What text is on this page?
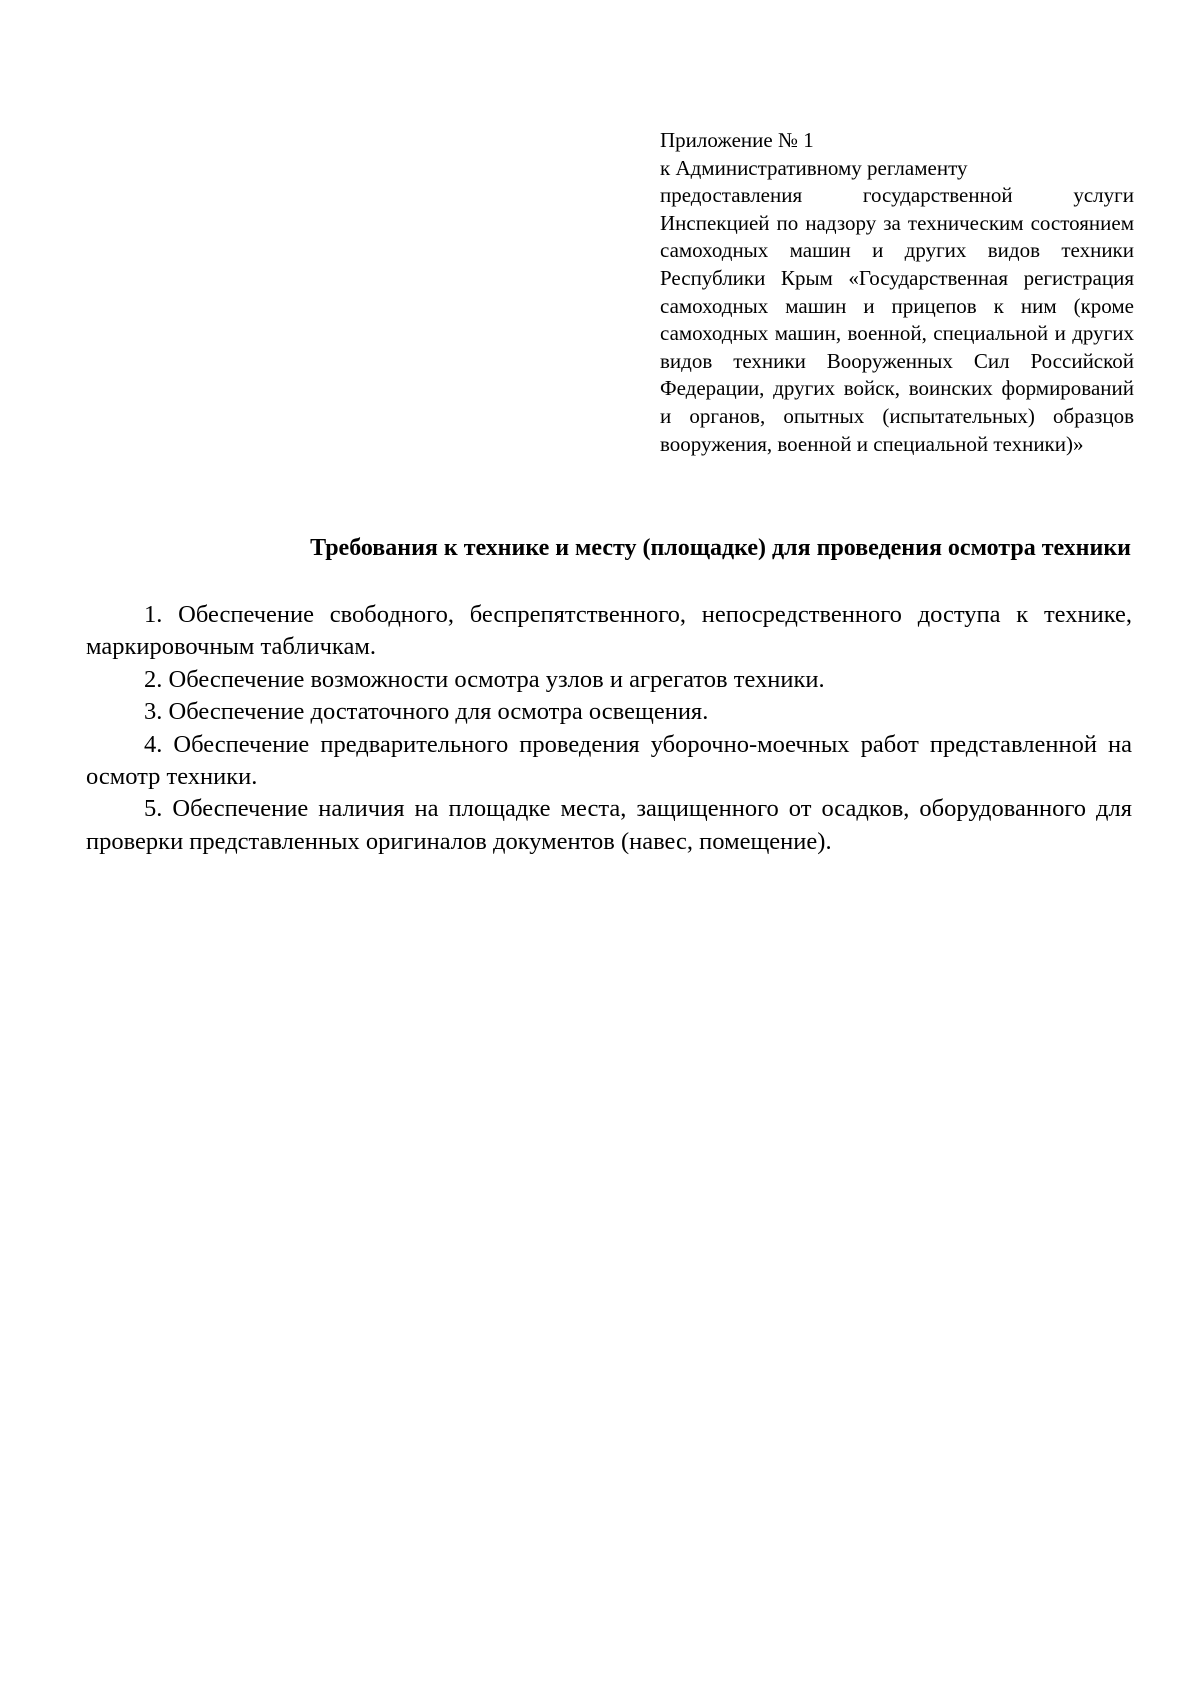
Приложение № 1
к Административному регламенту
предоставления государственной услуги Инспекцией по надзору за техническим состоянием самоходных машин и других видов техники Республики Крым «Государственная регистрация самоходных машин и прицепов к ним (кроме самоходных машин, военной, специальной и других видов техники Вооруженных Сил Российской Федерации, других войск, воинских формирований и органов, опытных (испытательных) образцов вооружения, военной и специальной техники)»
Требования к технике и месту (площадке) для проведения осмотра техники
1. Обеспечение свободного, беспрепятственного, непосредственного доступа к технике, маркировочным табличкам.
2. Обеспечение возможности осмотра узлов и агрегатов техники.
3. Обеспечение достаточного для осмотра освещения.
4. Обеспечение предварительного проведения уборочно-моечных работ представленной на осмотр техники.
5. Обеспечение наличия на площадке места, защищенного от осадков, оборудованного для проверки представленных оригиналов документов (навес, помещение).
